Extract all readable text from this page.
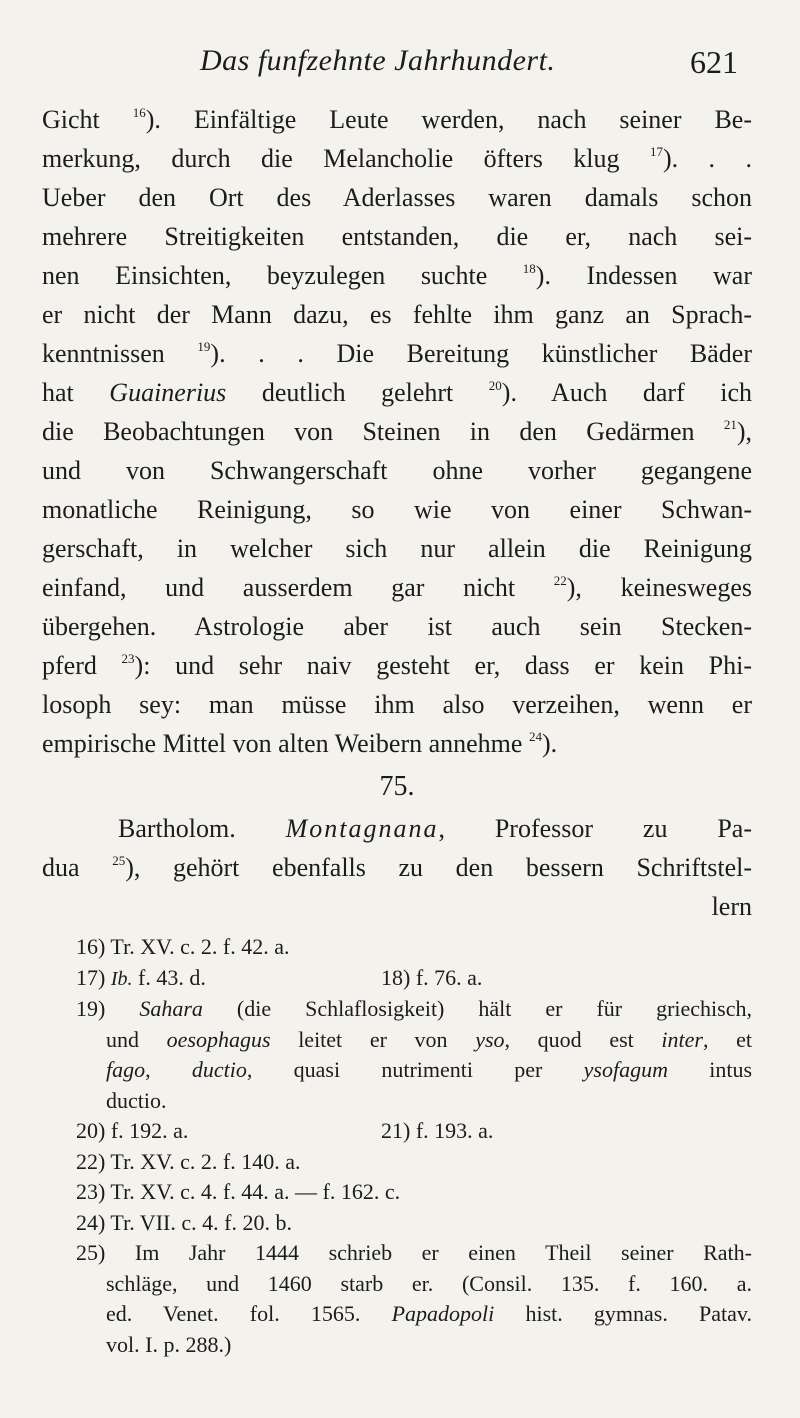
Das funfzehnte Jahrhundert.	621
Gicht $^{16}$). Einfältige Leute werden, nach seiner Be-
merkung, durch die Melancholie öfters klug $^{17}$). . .
Ueber den Ort des Aderlasses waren damals schon
mehrere Streitigkeiten entstanden, die er, nach sei-
nen Einsichten, beyzulegen suchte $^{18}$). Indessen war
er nicht der Mann dazu, es fehlte ihm ganz an Sprach-
kenntnissen $^{19}$). . . Die Bereitung künstlicher Bäder
hat Guainerius deutlich gelehrt $^{20}$). Auch darf ich
die Beobachtungen von Steinen in den Gedärmen $^{21}$),
und von Schwangerschaft ohne vorher gegangene
monatliche Reinigung, so wie von einer Schwan-
gerschaft, in welcher sich nur allein die Reinigung
einfand, und ausserdem gar nicht $^{22}$), keinesweges
übergehen. Astrologie aber ist auch sein Stecken-
pferd $^{23}$): und sehr naiv gesteht er, dass er kein Phi-
losoph sey: man müsse ihm also verzeihen, wenn er
empirische Mittel von alten Weibern annehme $^{24}$).
75.
Bartholom. Montagnana, Professor zu Pa-
dua $^{25}$), gehört ebenfalls zu den bessern Schriftstel-
lern
16) Tr. XV. c. 2. f. 42. a.
17) Ib. f. 43. d.	18) f. 76. a.
19) Sahara (die Schlaflosigkeit) hält er für griechisch,
und oesophagus leitet er von yso, quod est inter, et
fago, ductio, quasi nutrimenti per ysofagum intus
ductio.
20) f. 192. a.	21) f. 193. a.
22) Tr. XV. c. 2. f. 140. a.
23) Tr. XV. c. 4. f. 44. a. — f. 162. c.
24) Tr. VII. c. 4. f. 20. b.
25) Im Jahr 1444 schrieb er einen Theil seiner Rath-
schläge, und 1460 starb er. (Consil. 135. f. 160. a.
ed. Venet. fol. 1565. Papadopoli hist. gymnas. Patav.
vol. I. p. 288.)
